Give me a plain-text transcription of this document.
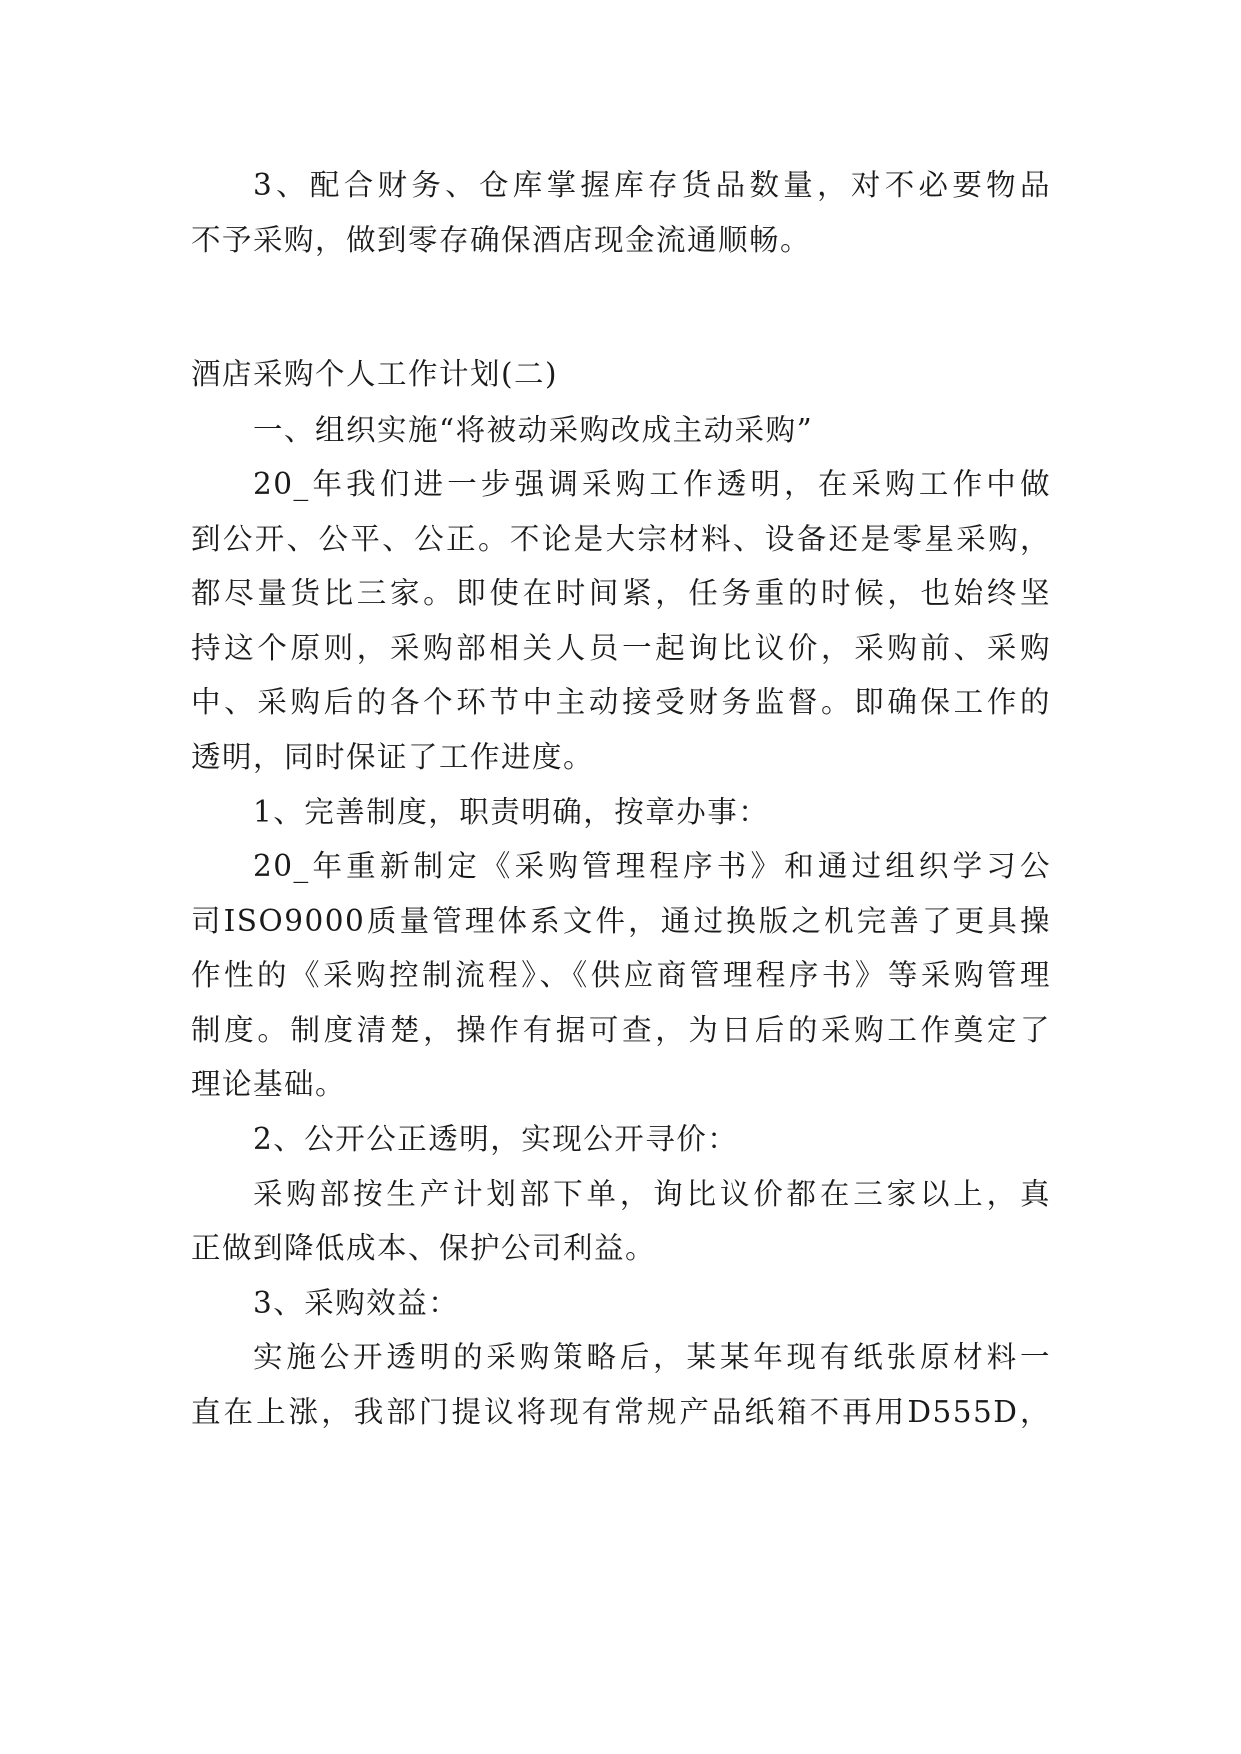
3、配合财务、仓库掌握库存货品数量，对不必要物品
不予采购，做到零存确保酒店现金流通顺畅。
酒店采购个人工作计划(二)
一、组织实施“将被动采购改成主动采购”
20_年我们进一步强调采购工作透明，在采购工作中做
到公开、公平、公正。不论是大宗材料、设备还是零星采购，
都尽量货比三家。即使在时间紧，任务重的时候，也始终坚
持这个原则，采购部相关人员一起询比议价，采购前、采购
中、采购后的各个环节中主动接受财务监督。即确保工作的
透明，同时保证了工作进度。
1、完善制度，职责明确，按章办事：
20_年重新制定《采购管理程序书》和通过组织学习公
司ISO9000质量管理体系文件，通过换版之机完善了更具操
作性的《采购控制流程》、《供应商管理程序书》等采购管理
制度。制度清楚，操作有据可查，为日后的采购工作奠定了
理论基础。
2、公开公正透明，实现公开寻价：
采购部按生产计划部下单，询比议价都在三家以上，真
正做到降低成本、保护公司利益。
3、采购效益：
实施公开透明的采购策略后，某某年现有纸张原材料一
直在上涨，我部门提议将现有常规产品纸箱不再用D555D，
